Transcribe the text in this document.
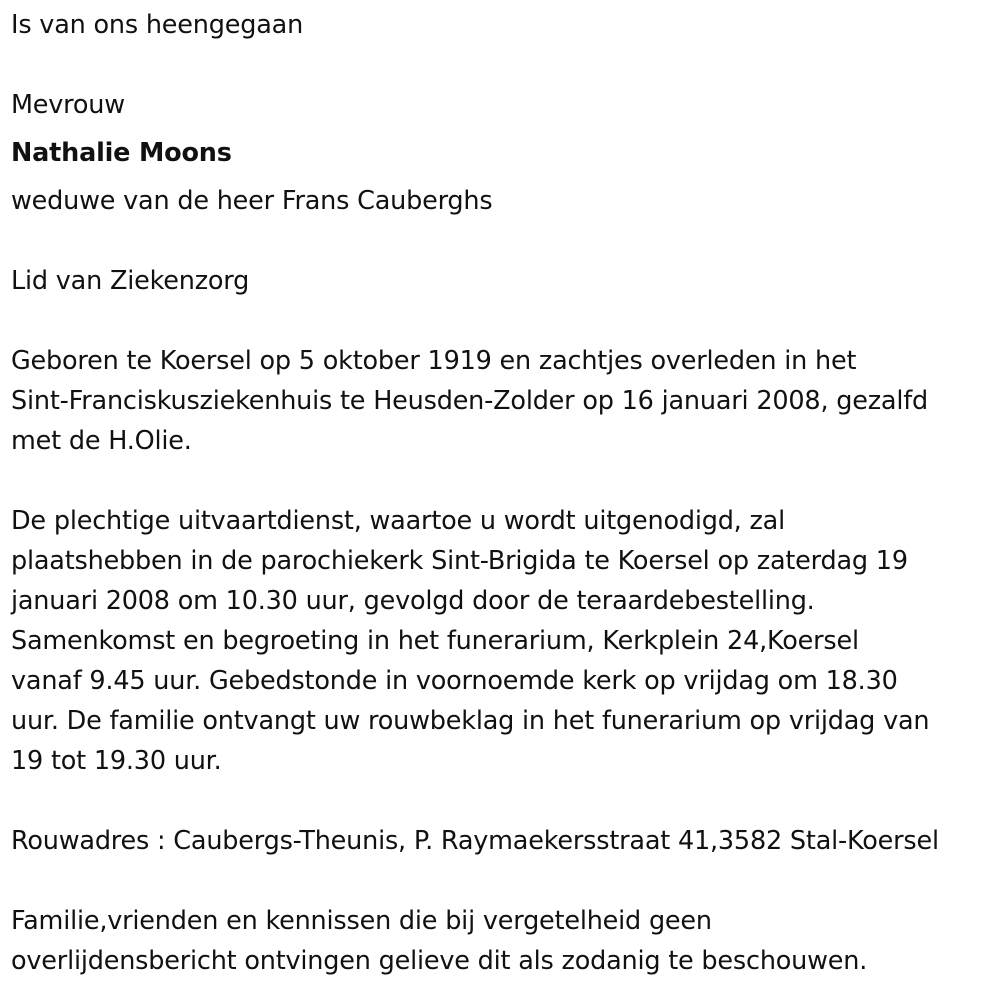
Is van ons heengegaan

Mevrouw

Nathalie Moons

weduwe van de heer Frans Cauberghs

Lid van Ziekenzorg

Geboren te Koersel op 5 oktober 1919 en zachtjes overleden in het

Sint-Franciskusziekenhuis te Heusden-Zolder op 16 januari 2008, gezalfd

met de H.Olie.

De plechtige uitvaartdienst, waartoe u wordt uitgenodigd, zal

plaatshebben in de parochiekerk Sint-Brigida te Koersel op zaterdag 19

januari 2008 om 10.30 uur, gevolgd door de teraardebestelling.

Samenkomst en begroeting in het funerarium, Kerkplein 24,Koersel

vanaf 9.45 uur. Gebedstonde in voornoemde kerk op vrijdag om 18.30

uur. De familie ontvangt uw rouwbeklag in het funerarium op vrijdag van

19 tot 19.30 uur.

Rouwadres : Caubergs-Theunis, P. Raymaekersstraat 41,3582 Stal-Koersel

Familie,vrienden en kennissen die bij vergetelheid geen

overlijdensbericht ontvingen gelieve dit als zodanig te beschouwen.
